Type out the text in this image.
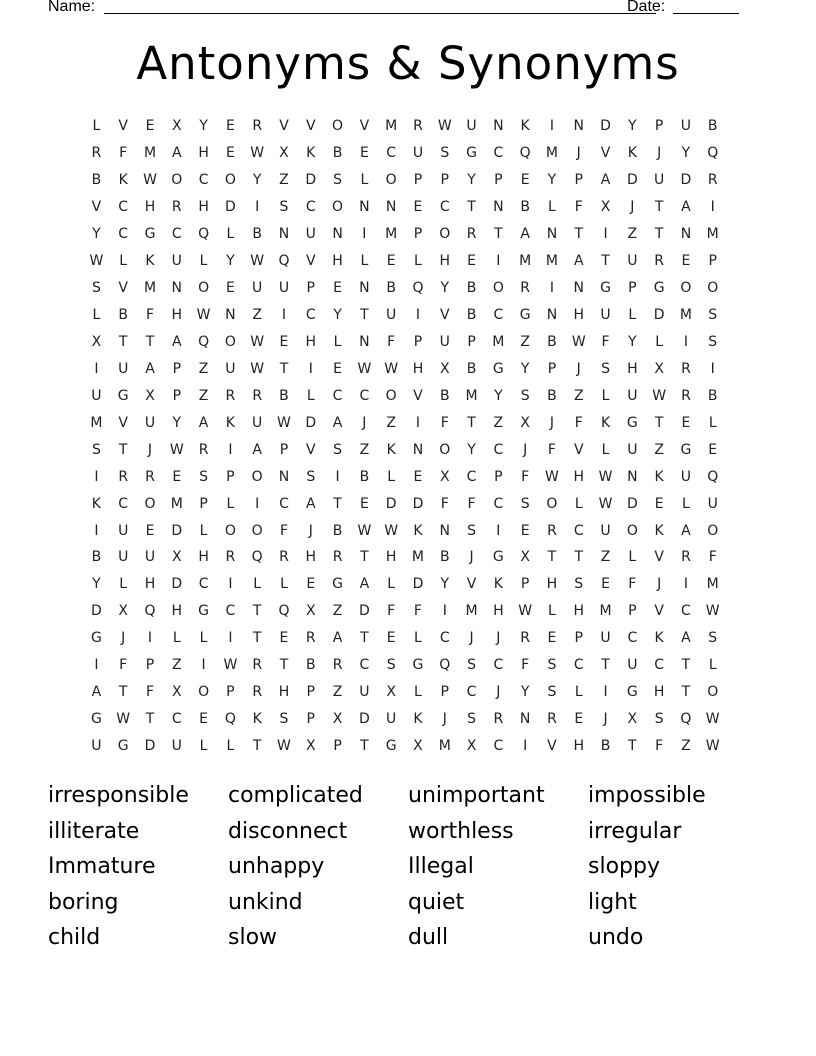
Name:	Date:
Antonyms & Synonyms
L	V	E	X	Y	E	R	V	V	O	V	M	R	W	U	N	K	I	N	D	Y	P	U	B
R	F	M	A	H	E	W	X	K	B	E	C	U	S	G	C	Q	M	J	V	K	J	Y	Q
B	K	W	O	C	O	Y	Z	D	S	L	O	P	P	Y	P	E	Y	P	A	D	U	D	R
V	C	H	R	H	D	I	S	C	O	N	N	E	C	T	N	B	L	F	X	J	T	A	I
Y	C	G	C	Q	L	B	N	U	N	I	M	P	O	R	T	A	N	T	I	Z	T	N	M
W	L	K	U	L	Y	W	Q	V	H	L	E	L	H	E	I	M	M	A	T	U	R	E	P
S	V	M	N	O	E	U	U	P	E	N	B	Q	Y	B	O	R	I	N	G	P	G	O	O
L	B	F	H	W	N	Z	I	C	Y	T	U	I	V	B	C	G	N	H	U	L	D	M	S
X	T	T	A	Q	O	W	E	H	L	N	F	P	U	P	M	Z	B	W	F	Y	L	I	S
I	U	A	P	Z	U	W	T	I	E	W W	H	X	B	G	Y	P	J	S	H	X	R	I
U	G	X	P	Z	R	R	B	L	C	C	O	V	B	M	Y	S	B	Z	L	U	W	R	B
M	V	U	Y	A	K	U	W	D	A	J	Z	I	F	T	Z	X	J	F	K	G	T	E	L
S	T	J	W	R	I	A	P	V	S	Z	K	N	O	Y	C	J	F	V	L	U	Z	G	E
I	R	R	E	S	P	O	N	S	I	B	L	E	X	C	P	F	W	H	W	N	K	U	Q
K	C	O	M	P	L	I	C	A	T	E	D	D	F	F	C	S	O	L	W	D	E	L	U
I	U	E	D	L	O	O	F	J	B	W W	K	N	S	I	E	R	C	U	O	K	A	O
B	U	U	X	H	R	Q	R	H	R	T	H	M	B	J	G	X	T	T	Z	L	V	R	F
Y	L	H	D	C	I	L	L	E	G	A	L	D	Y	V	K	P	H	S	E	F	J	I	M
D	X	Q	H	G	C	T	Q	X	Z	D	F	F	I	M	H	W	L	H	M	P	V	C	W
G	J	I	L	L	I	T	E	R	A	T	E	L	C	J	J	R	E	P	U	C	K	A	S
I	F	P	Z	I	W	R	T	B	R	C	S	G	Q	S	C	F	S	C	T	U	C	T	L
A	T	F	X	O	P	R	H	P	Z	U	X	L	P	C	J	Y	S	L	I	G	H	T	O
G	W	T	C	E	Q	K	S	P	X	D	U	K	J	S	R	N	R	E	J	X	S	Q	W
U	G	D	U	L	L	T	W	X	P	T	G	X	M	X	C	I	V	H	B	T	F	Z	W
irresponsible	complicated	unimportant	impossible
illiterate	disconnect	worthless	irregular
Immature	unhappy	Illegal	sloppy
boring	unkind	quiet	light
child	slow	dull	undo
